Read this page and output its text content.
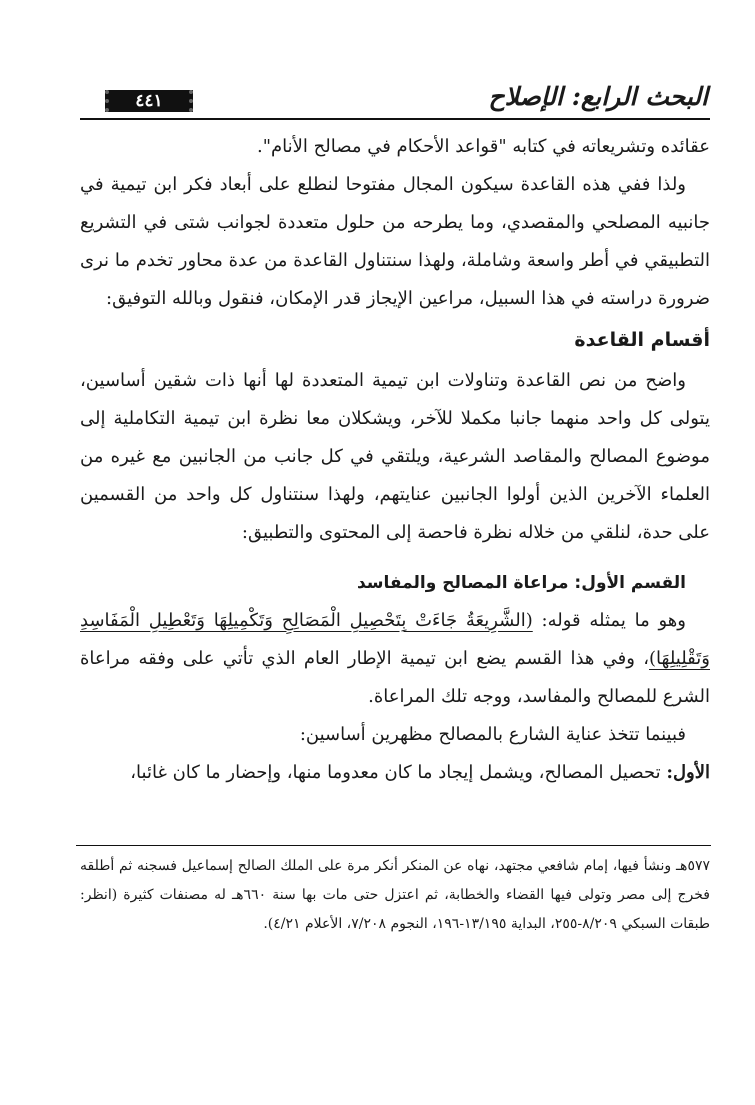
البحث الرابع: الإصلاح
٤٤١

عقائده وتشريعاته في كتابه "قواعد الأحكام في مصالح الأنام".

ولذا ففي هذه القاعدة سيكون المجال مفتوحا لنطلع على أبعاد فكر ابن تيمية في جانبيه المصلحي والمقصدي، وما يطرحه من حلول متعددة لجوانب شتى في التشريع التطبيقي في أطر واسعة وشاملة، ولهذا سنتناول القاعدة من عدة محاور تخدم ما نرى ضرورة دراسته في هذا السبيل، مراعين الإيجاز قدر الإمكان، فنقول وبالله التوفيق:

أقسام القاعدة

واضح من نص القاعدة وتناولات ابن تيمية المتعددة لها أنها ذات شقين أساسين، يتولى كل واحد منهما جانبا مكملا للآخر، ويشكلان معا نظرة ابن تيمية التكاملية إلى موضوع المصالح والمقاصد الشرعية، ويلتقي في كل جانب من الجانبين مع غيره من العلماء الآخرين الذين أولوا الجانبين عنايتهم، ولهذا سنتناول كل واحد من القسمين على حدة، لنلقي من خلاله نظرة فاحصة إلى المحتوى والتطبيق:

القسم الأول: مراعاة المصالح والمفاسد

وهو ما يمثله قوله: (الشَّرِيعَةُ جَاءَتْ بِتَحْصِيلِ الْمَصَالِحِ وَتَكْمِيلِهَا وَتَعْطِيلِ الْمَفَاسِدِ وَتَقْلِيلِهَا)، وفي هذا القسم يضع ابن تيمية الإطار العام الذي تأتي على وفقه مراعاة الشرع للمصالح والمفاسد، ووجه تلك المراعاة.

فبينما تتخذ عناية الشارع بالمصالح مظهرين أساسين:

الأول: تحصيل المصالح، ويشمل إيجاد ما كان معدوما منها، وإحضار ما كان غائبا،

٥٧٧هـ ونشأ فيها، إمام شافعي مجتهد، نهاه عن المنكر أنكر مرة على الملك الصالح إسماعيل فسجنه ثم أطلقه فخرج إلى مصر وتولى فيها القضاء والخطابة، ثم اعتزل حتى مات بها سنة ٦٦٠هـ له مصنفات كثيرة (انظر: طبقات السبكي ٨/٢٠٩-٢٥٥، البداية ١٣/١٩٥-١٩٦، النجوم ٧/٢٠٨، الأعلام ٤/٢١).
